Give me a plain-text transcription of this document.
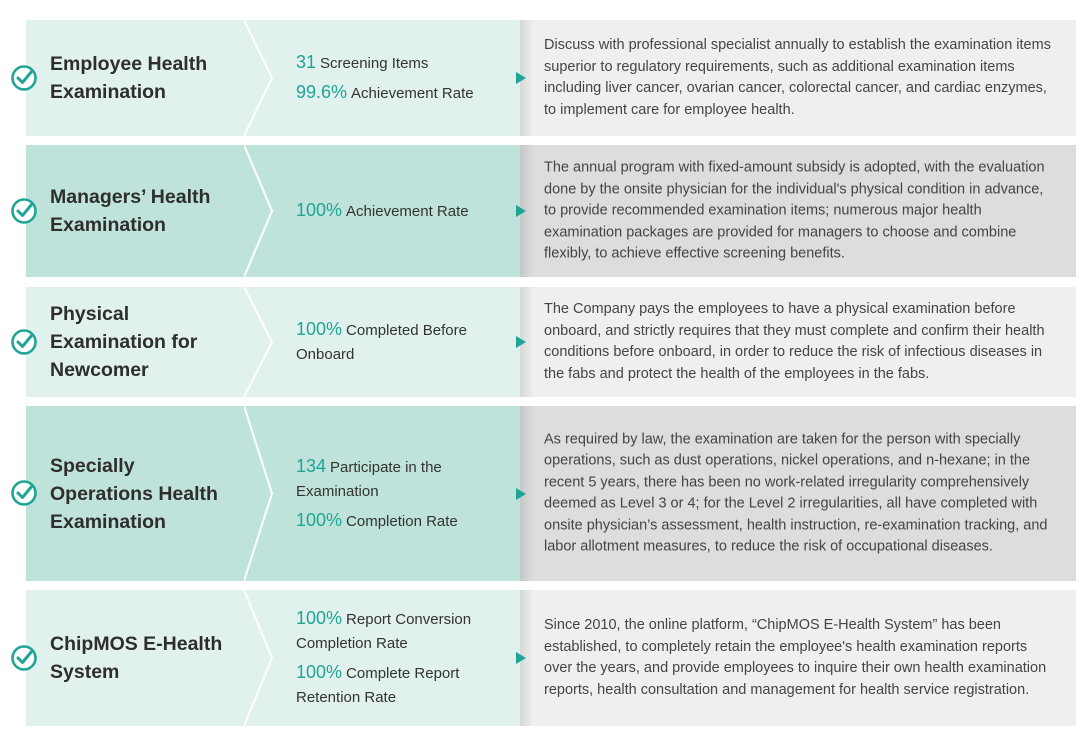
Employee Health
Examination
31 Screening Items
99.6% Achievement Rate
Discuss with professional specialist annually to establish the examination items superior to regulatory requirements, such as additional examination items including liver cancer, ovarian cancer, colorectal cancer, and cardiac enzymes, to implement care for employee health.
Managers’ Health
Examination
100% Achievement Rate
The annual program with fixed-amount subsidy is adopted, with the evaluation done by the onsite physician for the individual's physical condition in advance, to provide recommended examination items; numerous major health examination packages are provided for managers to choose and combine flexibly, to achieve effective screening benefits.
Physical
Examination for
Newcomer
100% Completed Before Onboard
The Company pays the employees to have a physical examination before onboard, and strictly requires that they must complete and confirm their health conditions before onboard, in order to reduce the risk of infectious diseases in the fabs and protect the health of the employees in the fabs.
Specially
Operations Health
Examination
134 Participate in the Examination
100% Completion Rate
As required by law, the examination are taken for the person with specially operations, such as dust operations, nickel operations, and n-hexane; in the recent 5 years, there has been no work-related irregularity comprehensively deemed as Level 3 or 4; for the Level 2 irregularities, all have completed with onsite physician’s assessment, health instruction, re-examination tracking, and labor allotment measures, to reduce the risk of occupational diseases.
ChipMOS E-Health
System
100% Report Conversion Completion Rate
100% Complete Report Retention Rate
Since 2010, the online platform, “ChipMOS E-Health System” has been established, to completely retain the employee's health examination reports over the years, and provide employees to inquire their own health examination reports, health consultation and management for health service registration.
